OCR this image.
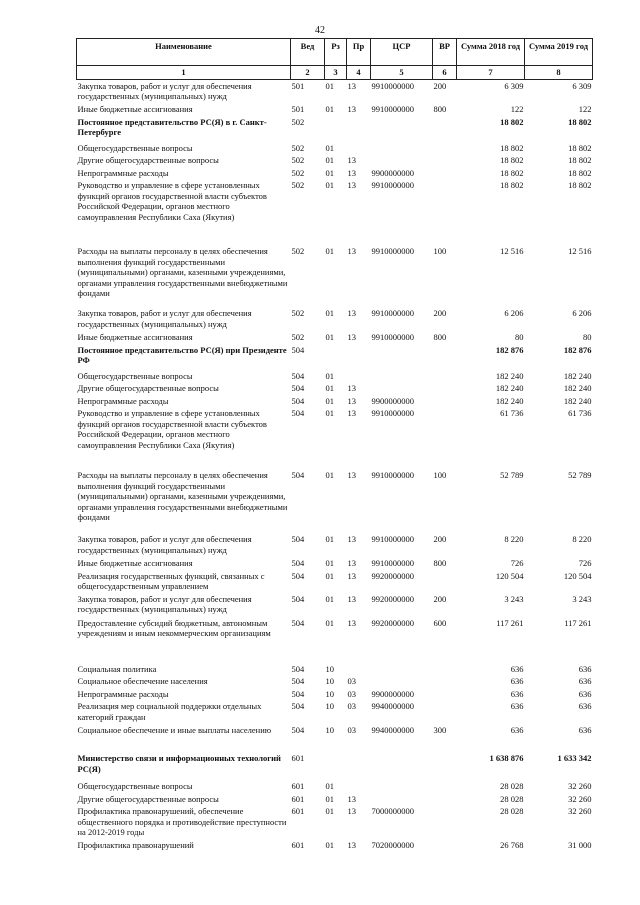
42
Наименование	Вед	Рз	Пр	ЦСР	ВР	Сумма 2018 год	Сумма 2019 год
1	2	3	4	5	6	7	8
Закупка товаров, работ и услуг для обеспечения государственных (муниципальных) нужд	501	01	13	9910000000	200	6 309	6 309
Иные бюджетные ассигнования	501	01	13	9910000000	800	122	122
Постоянное представительство РС(Я) в г. Санкт-Петербурге	502					18 802	18 802
Общегосударственные вопросы	502	01				18 802	18 802
Другие общегосударственные вопросы	502	01	13			18 802	18 802
Непрограммные расходы	502	01	13	9900000000		18 802	18 802
Руководство и управление в сфере установленных функций органов государственной власти субъектов Российской Федерации, органов местного самоуправления Республики Саха (Якутия)	502	01	13	9910000000		18 802	18 802
Расходы на выплаты персоналу в целях обеспечения выполнения функций государственными (муниципальными) органами, казенными учреждениями, органами управления государственными внебюджетными фондами	502	01	13	9910000000	100	12 516	12 516
Закупка товаров, работ и услуг для обеспечения государственных (муниципальных) нужд	502	01	13	9910000000	200	6 206	6 206
Иные бюджетные ассигнования	502	01	13	9910000000	800	80	80
Постоянное представительство РС(Я) при Президенте РФ	504					182 876	182 876
Общегосударственные вопросы	504	01				182 240	182 240
Другие общегосударственные вопросы	504	01	13			182 240	182 240
Непрограммные расходы	504	01	13	9900000000		182 240	182 240
Руководство и управление в сфере установленных функций органов государственной власти субъектов Российской Федерации, органов местного самоуправления Республики Саха (Якутия)	504	01	13	9910000000		61 736	61 736
Расходы на выплаты персоналу в целях обеспечения выполнения функций государственными (муниципальными) органами, казенными учреждениями, органами управления государственными внебюджетными фондами	504	01	13	9910000000	100	52 789	52 789
Закупка товаров, работ и услуг для обеспечения государственных (муниципальных) нужд	504	01	13	9910000000	200	8 220	8 220
Иные бюджетные ассигнования	504	01	13	9910000000	800	726	726
Реализация государственных функций, связанных с общегосударственным управлением	504	01	13	9920000000		120 504	120 504
Закупка товаров, работ и услуг для обеспечения государственных (муниципальных) нужд	504	01	13	9920000000	200	3 243	3 243
Предоставление субсидий бюджетным, автономным учреждениям и иным некоммерческим организациям	504	01	13	9920000000	600	117 261	117 261
Социальная политика	504	10				636	636
Социальное обеспечение населения	504	10	03			636	636
Непрограммные расходы	504	10	03	9900000000		636	636
Реализация мер социальной поддержки отдельных категорий граждан	504	10	03	9940000000		636	636
Социальное обеспечение и иные выплаты населению	504	10	03	9940000000	300	636	636
Министерство связи и информационных технологий РС(Я)	601					1 638 876	1 633 342
Общегосударственные вопросы	601	01				28 028	32 260
Другие общегосударственные вопросы	601	01	13			28 028	32 260
Профилактика правонарушений, обеспечение общественного порядка и противодействие преступности на 2012-2019 годы	601	01	13	7000000000		28 028	32 260
Профилактика правонарушений	601	01	13	7020000000		26 768	31 000
